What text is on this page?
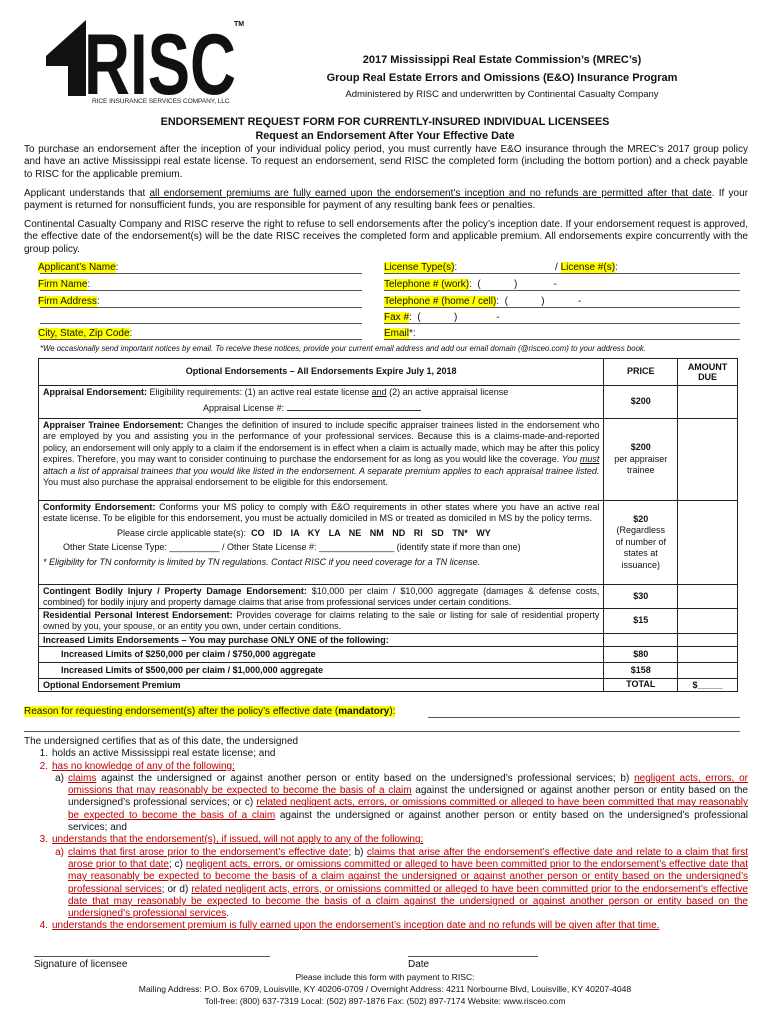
RISC
TM
RICE INSURANCE SERVICES COMPANY, LLC
2017 Mississippi Real Estate Commission’s (MREC’s)
Group Real Estate Errors and Omissions (E&O) Insurance Program
Administered by RISC and underwritten by Continental Casualty Company
ENDORSEMENT REQUEST FORM FOR CURRENTLY-INSURED INDIVIDUAL LICENSEES
Request an Endorsement After Your Effective Date
To purchase an endorsement after the inception of your individual policy period, you must currently have E&O insurance through the MREC’s 2017 group policy and have an active Mississippi real estate license. To request an endorsement, send RISC the completed form (including the bottom portion) and a check payable to RISC for the applicable premium.
Applicant understands that all endorsement premiums are fully earned upon the endorsement’s inception and no refunds are permitted after that date. If your payment is returned for nonsufficient funds, you are responsible for payment of any resulting bank fees or penalties.
Continental Casualty Company and RISC reserve the right to refuse to sell endorsements after the policy’s inception date. If your endorsement request is approved, the effective date of the endorsement(s) will be the date RISC receives the completed form and applicable premium. All endorsements expire concurrently with the group policy.
Applicant’s Name:
Firm Name:
Firm Address:
City, State, Zip Code:
License Type(s):	/ License #(s):
Telephone # (work):  (            )             -
Telephone # (home / cell):  (            )            -
Fax #:  (            )              -
Email*:
*We occasionally send important notices by email. To receive these notices, provide your current email address and add our email domain (@risceo.com) to your address book.
Optional Endorsements – All Endorsements Expire July 1, 2018	PRICE	AMOUNT DUE
Appraisal Endorsement: Eligibility requirements: (1) an active real estate license and (2) an active appraisal license
Appraisal License #:
$200
Appraiser Trainee Endorsement: Changes the definition of insured to include specific appraiser trainees listed in the endorsement who are employed by you and assisting you in the performance of your professional services. Because this is a claims-made-and-reported policy, an endorsement will only apply to a claim if the endorsement is in effect when a claim is actually made, which may be after this policy expires. Therefore, you may want to consider continuing to purchase the endorsement for as long as you would like the coverage. You must attach a list of appraisal trainees that you would like listed in the endorsement. A separate premium applies to each appraisal trainee listed. You must also purchase the appraisal endorsement to be eligible for this endorsement.
$200
per appraiser trainee
Conformity Endorsement: Conforms your MS policy to comply with E&O requirements in other states where you have an active real estate license. To be eligible for this endorsement, you must be actually domiciled in MS or treated as domiciled in MS by the policy terms.
Please circle applicable state(s): CO ID IA KY LA NE NM ND RI SD TN* WY
Other State License Type: __________ / Other State License #: _______________ (identify state if more than one)
* Eligibility for TN conformity is limited by TN regulations. Contact RISC if you need coverage for a TN license.
$20
(Regardless of number of states at issuance)
Contingent Bodily Injury / Property Damage Endorsement: $10,000 per claim / $10,000 aggregate (damages & defense costs, combined) for bodily injury and property damage claims that arise from professional services under certain conditions.
$30
Residential Personal Interest Endorsement: Provides coverage for claims relating to the sale or listing for sale of residential property owned by you, your spouse, or an entity you own, under certain conditions.
$15
Increased Limits Endorsements – You may purchase ONLY ONE of the following:
Increased Limits of $250,000 per claim / $750,000 aggregate	$80
Increased Limits of $500,000 per claim / $1,000,000 aggregate	$158
Optional Endorsement Premium	TOTAL	$_____
Reason for requesting endorsement(s) after the policy’s effective date (mandatory):
The undersigned certifies that as of this date, the undersigned
1. holds an active Mississippi real estate license; and
2. has no knowledge of any of the following:
a) claims against the undersigned or against another person or entity based on the undersigned’s professional services; b) negligent acts, errors, or omissions that may reasonably be expected to become the basis of a claim against the undersigned or against another person or entity based on the undersigned’s professional services; or c) related negligent acts, errors, or omissions committed or alleged to have been committed that may reasonably be expected to become the basis of a claim against the undersigned or against another person or entity based on the undersigned’s professional services; and
3. understands that the endorsement(s), if issued, will not apply to any of the following:
a) claims that first arose prior to the endorsement’s effective date; b) claims that arise after the endorsement’s effective date and relate to a claim that first arose prior to that date; c) negligent acts, errors, or omissions committed or alleged to have been committed prior to the endorsement’s effective date that may reasonably be expected to become the basis of a claim against the undersigned or against another person or entity based on the undersigned’s professional services; or d) related negligent acts, errors, or omissions committed or alleged to have been committed prior to the endorsement’s effective date that may reasonably be expected to become the basis of a claim against the undersigned or against another person or entity based on the undersigned’s professional services.
4. understands the endorsement premium is fully earned upon the endorsement’s inception date and no refunds will be given after that time.
Signature of licensee	Date
Please include this form with payment to RISC:
Mailing Address: P.O. Box 6709, Louisville, KY 40206-0709 / Overnight Address: 4211 Norbourne Blvd, Louisville, KY 40207-4048
Toll-free: (800) 637-7319 Local: (502) 897-1876 Fax: (502) 897-7174 Website: www.risceo.com
